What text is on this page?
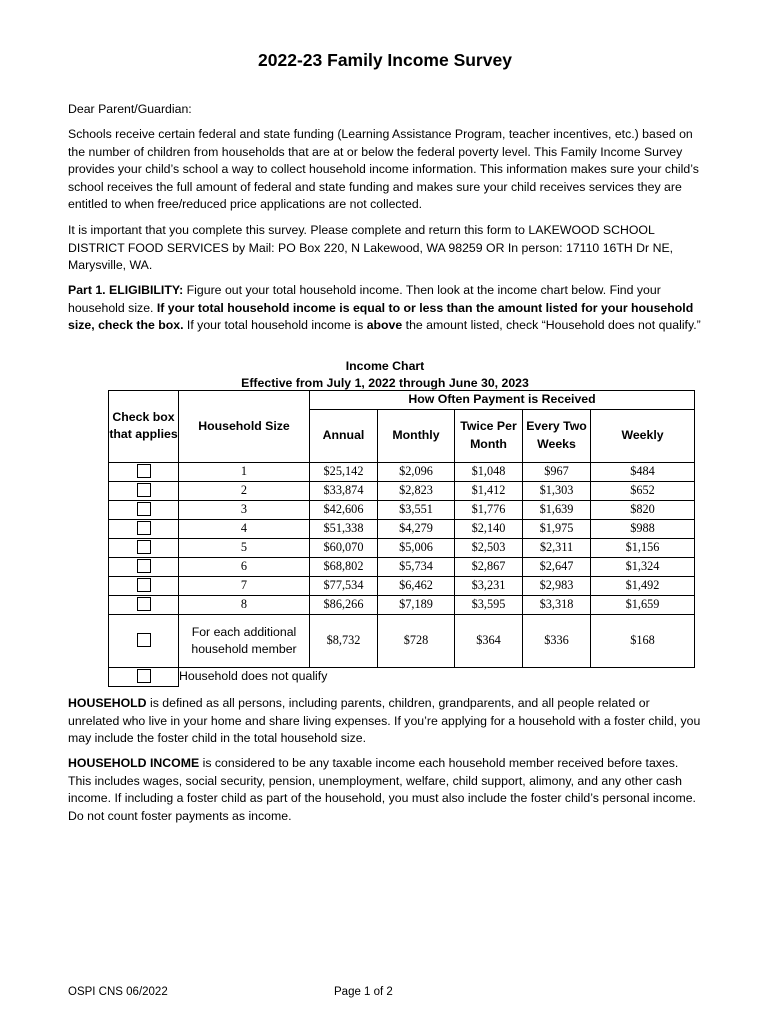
2022-23 Family Income Survey

Dear Parent/Guardian:

Schools receive certain federal and state funding (Learning Assistance Program, teacher incentives, etc.) based on the number of children from households that are at or below the federal poverty level. This Family Income Survey provides your child’s school a way to collect household income information. This information makes sure your child’s school receives the full amount of federal and state funding and makes sure your child receives services they are entitled to when free/reduced price applications are not collected.

It is important that you complete this survey. Please complete and return this form to LAKEWOOD SCHOOL DISTRICT FOOD SERVICES by Mail: PO Box 220, N Lakewood, WA 98259 OR In person: 17110 16TH Dr NE, Marysville, WA.

Part 1. ELIGIBILITY: Figure out your total household income. Then look at the income chart below. Find your household size. If your total household income is equal to or less than the amount listed for your household size, check the box. If your total household income is above the amount listed, check “Household does not qualify.”

Income Chart
Effective from July 1, 2022 through June 30, 2023
Check box that applies	Household Size	How Often Payment is Received				
		Annual	Monthly	Twice Per Month	Every Two Weeks	Weekly
	1	$25,142	$2,096	$1,048	$967	$484
	2	$33,874	$2,823	$1,412	$1,303	$652
	3	$42,606	$3,551	$1,776	$1,639	$820
	4	$51,338	$4,279	$2,140	$1,975	$988
	5	$60,070	$5,006	$2,503	$2,311	$1,156
	6	$68,802	$5,734	$2,867	$2,647	$1,324
	7	$77,534	$6,462	$3,231	$2,983	$1,492
	8	$86,266	$7,189	$3,595	$3,318	$1,659
	For each additional household member	$8,732	$728	$364	$336	$168
	Household does not qualify					

HOUSEHOLD is defined as all persons, including parents, children, grandparents, and all people related or unrelated who live in your home and share living expenses. If you’re applying for a household with a foster child, you may include the foster child in the total household size.

HOUSEHOLD INCOME is considered to be any taxable income each household member received before taxes. This includes wages, social security, pension, unemployment, welfare, child support, alimony, and any other cash income. If including a foster child as part of the household, you must also include the foster child’s personal income. Do not count foster payments as income.

OSPI CNS 06/2022	Page 1 of 2
